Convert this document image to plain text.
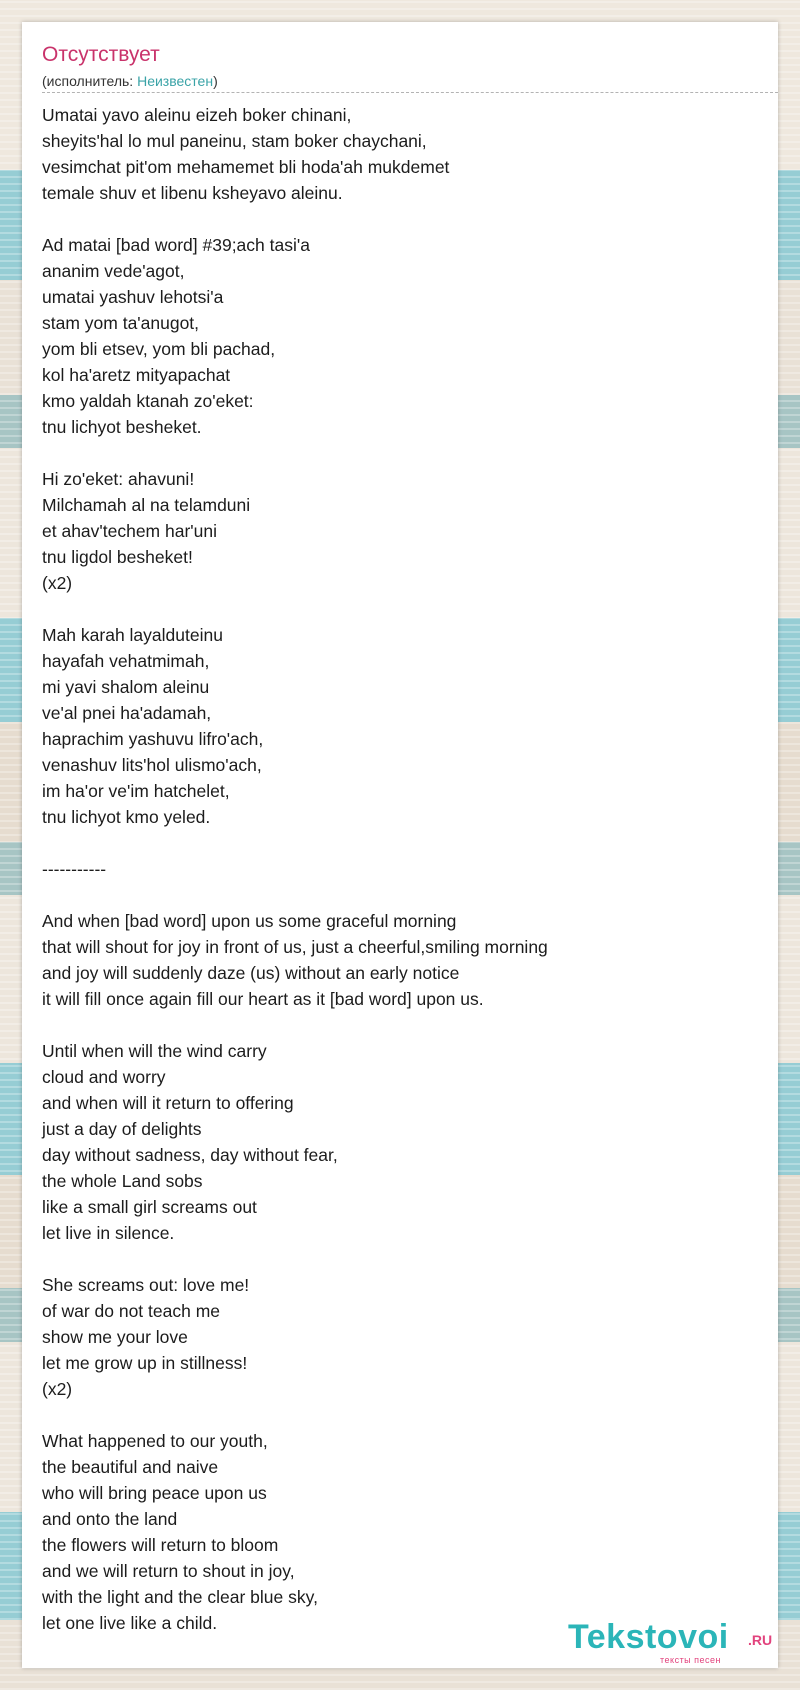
Отсутствует
(исполнитель: Неизвестен)
Umatai yavo aleinu eizeh boker chinani,
sheyits'hal lo mul paneinu, stam boker chaychani,
vesimchat pit'om mehamemet bli hoda'ah mukdemet
temale shuv et libenu ksheyavo aleinu.

Ad matai [bad word] #39;ach tasi'a
ananim vede'agot,
umatai yashuv lehotsi'a
stam yom ta'anugot,
yom bli etsev, yom bli pachad,
kol ha'aretz mityapachat
kmo yaldah ktanah zo'eket:
tnu lichyot besheket.

Hi zo'eket: ahavuni!
Milchamah al na telamduni
et ahav'techem har'uni
tnu ligdol besheket!
(x2)

Mah karah layalduteinu
hayafah vehatmimah,
mi yavi shalom aleinu
ve'al pnei ha'adamah,
haprachim yashuvu lifro'ach,
venashuv lits'hol ulismo'ach,
im ha'or ve'im hatchelet,
tnu lichyot kmo yeled.

-----------

And when [bad word] upon us some graceful morning
that will shout for joy in front of us, just a cheerful,smiling morning
and joy will suddenly daze (us) without an early notice
it will fill once again fill our heart as it [bad word] upon us.

Until when will the wind carry
cloud and worry
and when will it return to offering
just a day of delights
day without sadness, day without fear,
the whole Land sobs
like a small girl screams out
let live in silence.

She screams out: love me!
of war do not teach me
show me your love
let me grow up in stillness!
(x2)

What happened to our youth,
the beautiful and naive
who will bring peace upon us
and onto the land
the flowers will return to bloom
and we will return to shout in joy,
with the light and the clear blue sky,
let one live like a child.	Tekstovoi .RU
тексты песен
